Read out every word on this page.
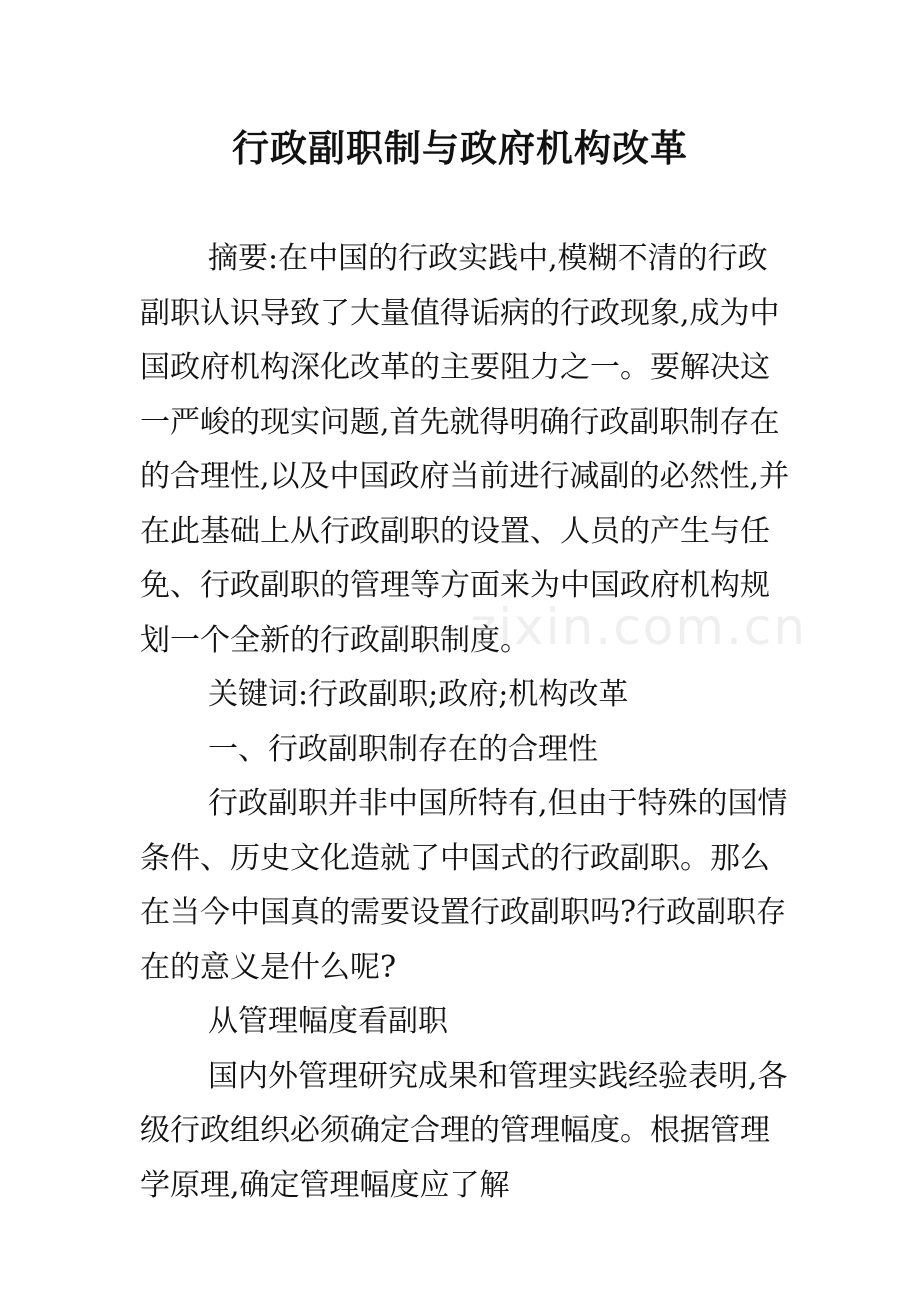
行政副职制与政府机构改革

摘要:在中国的行政实践中,模糊不清的行政副职认识导致了大量值得诟病的行政现象,成为中国政府机构深化改革的主要阻力之一。要解决这一严峻的现实问题,首先就得明确行政副职制存在的合理性,以及中国政府当前进行减副的必然性,并在此基础上从行政副职的设置、人员的产生与任免、行政副职的管理等方面来为中国政府机构规划一个全新的行政副职制度。

关键词:行政副职;政府;机构改革

一、行政副职制存在的合理性

行政副职并非中国所特有,但由于特殊的国情条件、历史文化造就了中国式的行政副职。那么在当今中国真的需要设置行政副职吗?行政副职存在的意义是什么呢?

从管理幅度看副职

国内外管理研究成果和管理实践经验表明,各级行政组织必须确定合理的管理幅度。根据管理学原理,确定管理幅度应了解

zixin.com.cn
